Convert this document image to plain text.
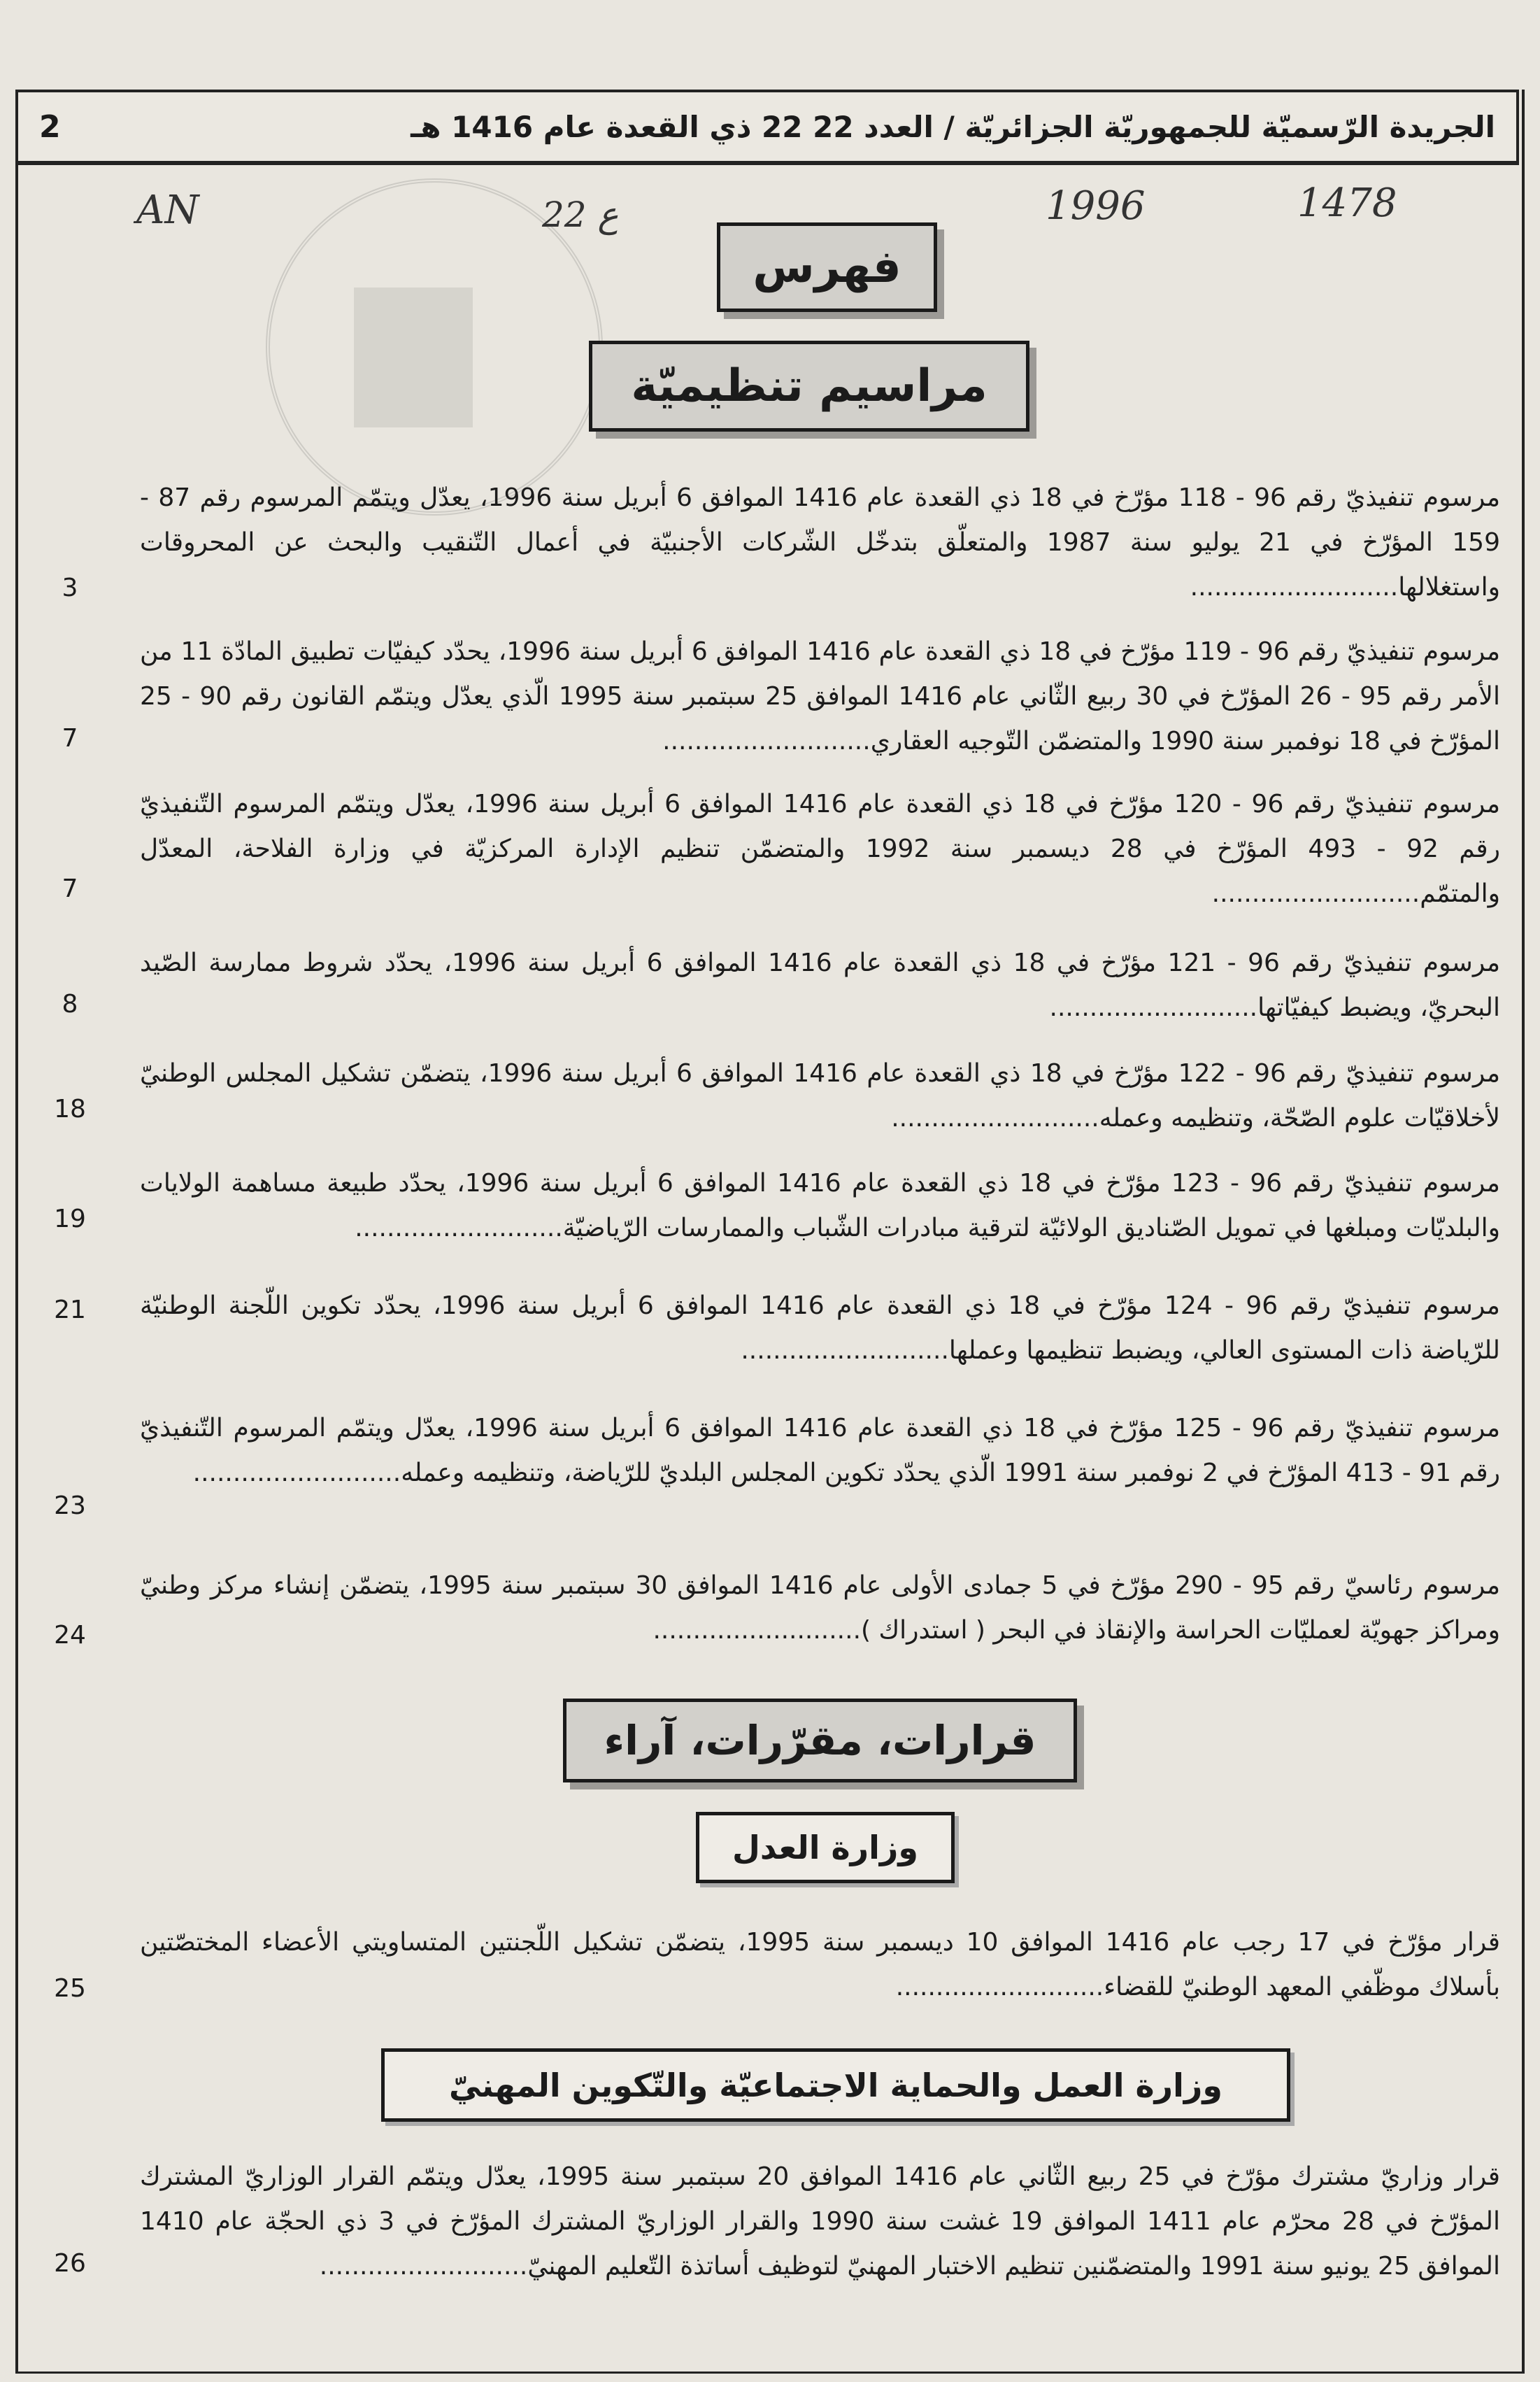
2	الجريدة الرّسميّة للجمهوريّة الجزائريّة / العدد 22 22 ذي القعدة عام 1416 هـ
AN	22 ع	1996	1478
فهرس
مراسيم تنظيميّة
مرسوم تنفيذيّ رقم 96 - 118 مؤرّخ في 18 ذي القعدة عام 1416 الموافق 6 أبريل سنة 1996، يعدّل ويتمّم المرسوم رقم 87 - 159 المؤرّخ في 21 يوليو سنة 1987 والمتعلّق بتدخّل الشّركات الأجنبيّة في أعمال التّنقيب والبحث عن المحروقات واستغلالها..........................
3
مرسوم تنفيذيّ رقم 96 - 119 مؤرّخ في 18 ذي القعدة عام 1416 الموافق 6 أبريل سنة 1996، يحدّد كيفيّات تطبيق المادّة 11 من الأمر رقم 95 - 26 المؤرّخ في 30 ربيع الثّاني عام 1416 الموافق 25 سبتمبر سنة 1995 الّذي يعدّل ويتمّم القانون رقم 90 - 25 المؤرّخ في 18 نوفمبر سنة 1990 والمتضمّن التّوجيه العقاري..........................
7
مرسوم تنفيذيّ رقم 96 - 120 مؤرّخ في 18 ذي القعدة عام 1416 الموافق 6 أبريل سنة 1996، يعدّل ويتمّم المرسوم التّنفيذيّ رقم 92 - 493 المؤرّخ في 28 ديسمبر سنة 1992 والمتضمّن تنظيم الإدارة المركزيّة في وزارة الفلاحة، المعدّل والمتمّم..........................
7
مرسوم تنفيذيّ رقم 96 - 121 مؤرّخ في 18 ذي القعدة عام 1416 الموافق 6 أبريل سنة 1996، يحدّد شروط ممارسة الصّيد البحريّ، ويضبط كيفيّاتها..........................
8
مرسوم تنفيذيّ رقم 96 - 122 مؤرّخ في 18 ذي القعدة عام 1416 الموافق 6 أبريل سنة 1996، يتضمّن تشكيل المجلس الوطنيّ لأخلاقيّات علوم الصّحّة، وتنظيمه وعمله..........................
18
مرسوم تنفيذيّ رقم 96 - 123 مؤرّخ في 18 ذي القعدة عام 1416 الموافق 6 أبريل سنة 1996، يحدّد طبيعة مساهمة الولايات والبلديّات ومبلغها في تمويل الصّناديق الولائيّة لترقية مبادرات الشّباب والممارسات الرّياضيّة..........................
19
مرسوم تنفيذيّ رقم 96 - 124 مؤرّخ في 18 ذي القعدة عام 1416 الموافق 6 أبريل سنة 1996، يحدّد تكوين اللّجنة الوطنيّة للرّياضة ذات المستوى العالي، ويضبط تنظيمها وعملها..........................
21
مرسوم تنفيذيّ رقم 96 - 125 مؤرّخ في 18 ذي القعدة عام 1416 الموافق 6 أبريل سنة 1996، يعدّل ويتمّم المرسوم التّنفيذيّ رقم 91 - 413 المؤرّخ في 2 نوفمبر سنة 1991 الّذي يحدّد تكوين المجلس البلديّ للرّياضة، وتنظيمه وعمله..........................
23
مرسوم رئاسيّ رقم 95 - 290 مؤرّخ في 5 جمادى الأولى عام 1416 الموافق 30 سبتمبر سنة 1995، يتضمّن إنشاء مركز وطنيّ ومراكز جهويّة لعمليّات الحراسة والإنقاذ في البحر ( استدراك )..........................
24
قرارات، مقرّرات، آراء
وزارة العدل
قرار مؤرّخ في 17 رجب عام 1416 الموافق 10 ديسمبر سنة 1995، يتضمّن تشكيل اللّجنتين المتساويتي الأعضاء المختصّتين بأسلاك موظّفي المعهد الوطنيّ للقضاء..........................
25
وزارة العمل والحماية الاجتماعيّة والتّكوين المهنيّ
قرار وزاريّ مشترك مؤرّخ في 25 ربيع الثّاني عام 1416 الموافق 20 سبتمبر سنة 1995، يعدّل ويتمّم القرار الوزاريّ المشترك المؤرّخ في 28 محرّم عام 1411 الموافق 19 غشت سنة 1990 والقرار الوزاريّ المشترك المؤرّخ في 3 ذي الحجّة عام 1410 الموافق 25 يونيو سنة 1991 والمتضمّنين تنظيم الاختبار المهنيّ لتوظيف أساتذة التّعليم المهنيّ..........................
26
